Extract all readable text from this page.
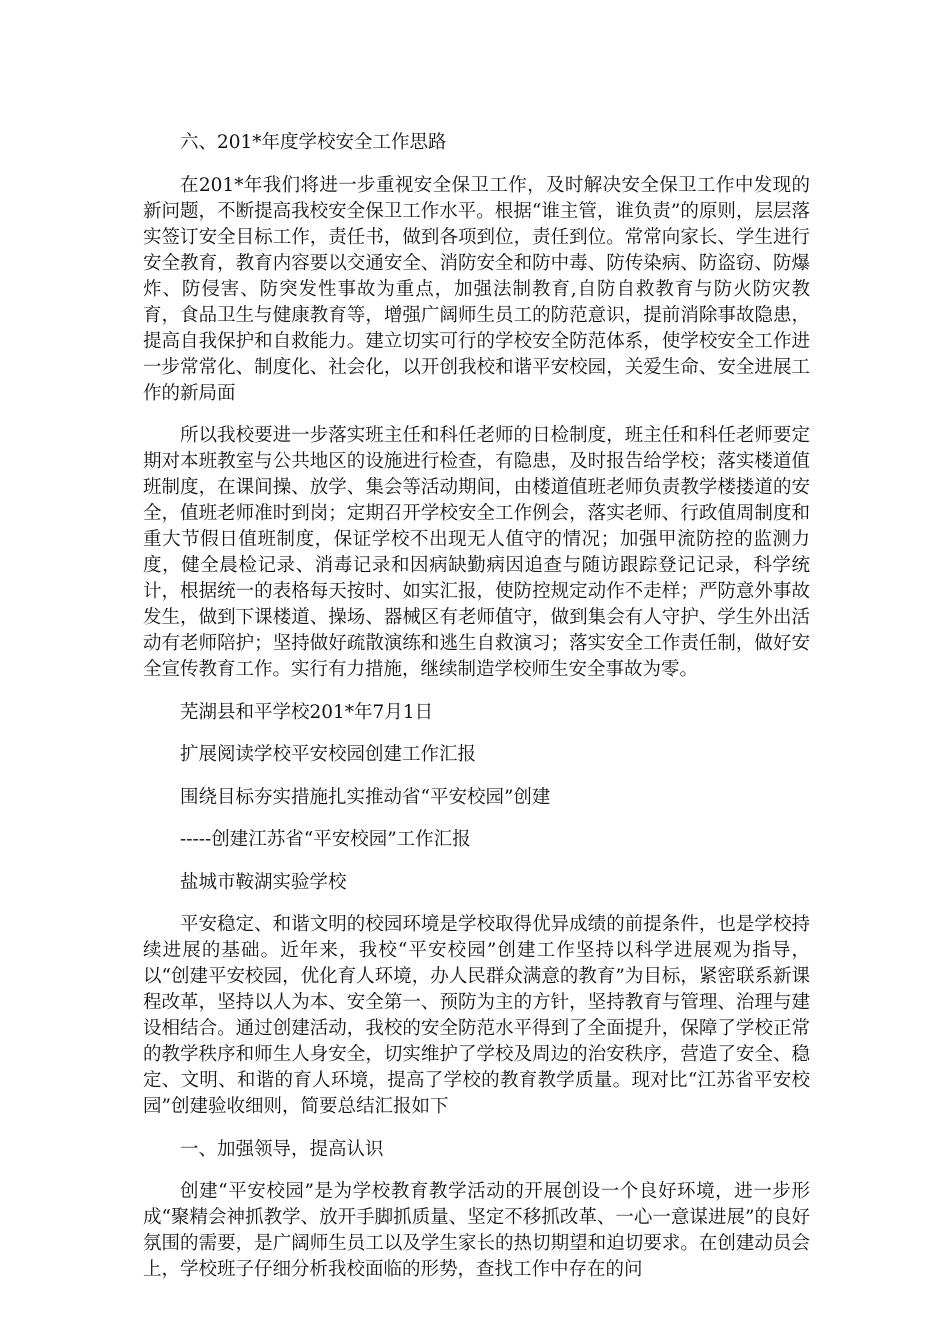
六、201*年度学校安全工作思路

在201*年我们将进一步重视安全保卫工作，及时解决安全保卫工作中发现的新问题，不断提高我校安全保卫工作水平。根据“谁主管，谁负责”的原则，层层落实签订安全目标工作，责任书，做到各项到位，责任到位。常常向家长、学生进行安全教育，教育内容要以交通安全、消防安全和防中毒、防传染病、防盗窃、防爆炸、防侵害、防突发性事故为重点，加强法制教育,自防自救教育与防火防灾教育，食品卫生与健康教育等，增强广阔师生员工的防范意识，提前消除事故隐患，提高自我保护和自救能力。建立切实可行的学校安全防范体系，使学校安全工作进一步常常化、制度化、社会化，以开创我校和谐平安校园，关爱生命、安全进展工作的新局面

所以我校要进一步落实班主任和科任老师的日检制度，班主任和科任老师要定期对本班教室与公共地区的设施进行检查，有隐患，及时报告给学校；落实楼道值班制度，在课间操、放学、集会等活动期间，由楼道值班老师负责教学楼搂道的安全，值班老师准时到岗；定期召开学校安全工作例会，落实老师、行政值周制度和重大节假日值班制度，保证学校不出现无人值守的情况；加强甲流防控的监测力度，健全晨检记录、消毒记录和因病缺勤病因追查与随访跟踪登记记录，科学统计，根据统一的表格每天按时、如实汇报，使防控规定动作不走样；严防意外事故发生，做到下课楼道、操场、器械区有老师值守，做到集会有人守护、学生外出活动有老师陪护；坚持做好疏散演练和逃生自救演习；落实安全工作责任制，做好安全宣传教育工作。实行有力措施，继续制造学校师生安全事故为零。

芜湖县和平学校201*年7月1日

扩展阅读学校平安校园创建工作汇报

围绕目标夯实措施扎实推动省“平安校园”创建

-----创建江苏省“平安校园”工作汇报

盐城市鞍湖实验学校

平安稳定、和谐文明的校园环境是学校取得优异成绩的前提条件，也是学校持续进展的基础。近年来，我校“平安校园”创建工作坚持以科学进展观为指导，以“创建平安校园，优化育人环境，办人民群众满意的教育”为目标，紧密联系新课程改革，坚持以人为本、安全第一、预防为主的方针，坚持教育与管理、治理与建设相结合。通过创建活动，我校的安全防范水平得到了全面提升，保障了学校正常的教学秩序和师生人身安全，切实维护了学校及周边的治安秩序，营造了安全、稳定、文明、和谐的育人环境，提高了学校的教育教学质量。现对比“江苏省平安校园”创建验收细则，简要总结汇报如下

一、加强领导，提高认识

创建“平安校园”是为学校教育教学活动的开展创设一个良好环境，进一步形成“聚精会神抓教学、放开手脚抓质量、坚定不移抓改革、一心一意谋进展”的良好氛围的需要，是广阔师生员工以及学生家长的热切期望和迫切要求。在创建动员会上，学校班子仔细分析我校面临的形势，查找工作中存在的问
